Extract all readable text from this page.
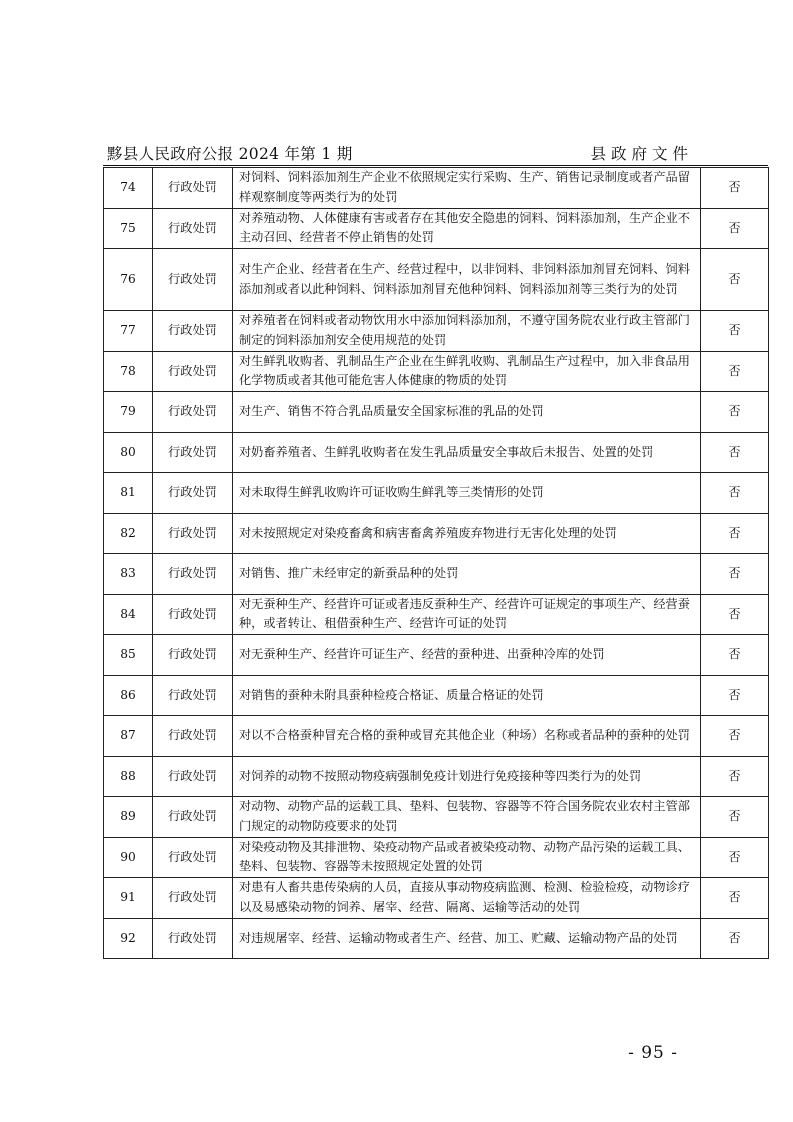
黟县人民政府公报 2024 年第 1 期	县政府文件
74	行政处罚	对饲料、饲料添加剂生产企业不依照规定实行采购、生产、销售记录制度或者产品留样观察制度等两类行为的处罚	否
75	行政处罚	对养殖动物、人体健康有害或者存在其他安全隐患的饲料、饲料添加剂，生产企业不主动召回、经营者不停止销售的处罚	否
76	行政处罚	对生产企业、经营者在生产、经营过程中，以非饲料、非饲料添加剂冒充饲料、饲料添加剂或者以此种饲料、饲料添加剂冒充他种饲料、饲料添加剂等三类行为的处罚	否
77	行政处罚	对养殖者在饲料或者动物饮用水中添加饲料添加剂，不遵守国务院农业行政主管部门制定的饲料添加剂安全使用规范的处罚	否
78	行政处罚	对生鲜乳收购者、乳制品生产企业在生鲜乳收购、乳制品生产过程中，加入非食品用化学物质或者其他可能危害人体健康的物质的处罚	否
79	行政处罚	对生产、销售不符合乳品质量安全国家标准的乳品的处罚	否
80	行政处罚	对奶畜养殖者、生鲜乳收购者在发生乳品质量安全事故后未报告、处置的处罚	否
81	行政处罚	对未取得生鲜乳收购许可证收购生鲜乳等三类情形的处罚	否
82	行政处罚	对未按照规定对染疫畜禽和病害畜禽养殖废弃物进行无害化处理的处罚	否
83	行政处罚	对销售、推广未经审定的新蚕品种的处罚	否
84	行政处罚	对无蚕种生产、经营许可证或者违反蚕种生产、经营许可证规定的事项生产、经营蚕种，或者转让、租借蚕种生产、经营许可证的处罚	否
85	行政处罚	对无蚕种生产、经营许可证生产、经营的蚕种进、出蚕种冷库的处罚	否
86	行政处罚	对销售的蚕种未附具蚕种检疫合格证、质量合格证的处罚	否
87	行政处罚	对以不合格蚕种冒充合格的蚕种或冒充其他企业（种场）名称或者品种的蚕种的处罚	否
88	行政处罚	对饲养的动物不按照动物疫病强制免疫计划进行免疫接种等四类行为的处罚	否
89	行政处罚	对动物、动物产品的运载工具、垫料、包装物、容器等不符合国务院农业农村主管部门规定的动物防疫要求的处罚	否
90	行政处罚	对染疫动物及其排泄物、染疫动物产品或者被染疫动物、动物产品污染的运载工具、垫料、包装物、容器等未按照规定处置的处罚	否
91	行政处罚	对患有人畜共患传染病的人员，直接从事动物疫病监测、检测、检验检疫，动物诊疗以及易感染动物的饲养、屠宰、经营、隔离、运输等活动的处罚	否
92	行政处罚	对违规屠宰、经营、运输动物或者生产、经营、加工、贮藏、运输动物产品的处罚	否
- 95 -
